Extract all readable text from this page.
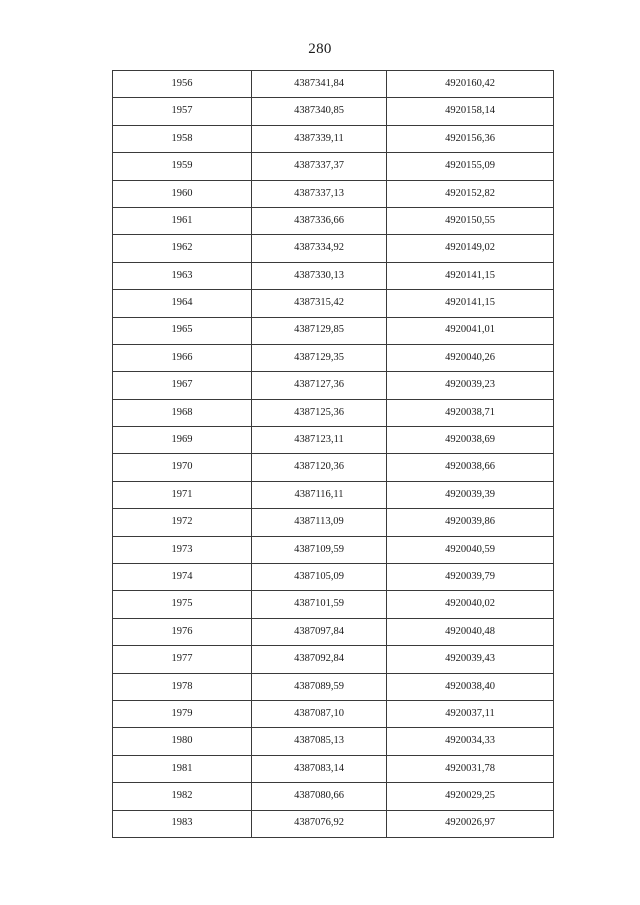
280
1956	4387341,84	4920160,42
1957	4387340,85	4920158,14
1958	4387339,11	4920156,36
1959	4387337,37	4920155,09
1960	4387337,13	4920152,82
1961	4387336,66	4920150,55
1962	4387334,92	4920149,02
1963	4387330,13	4920141,15
1964	4387315,42	4920141,15
1965	4387129,85	4920041,01
1966	4387129,35	4920040,26
1967	4387127,36	4920039,23
1968	4387125,36	4920038,71
1969	4387123,11	4920038,69
1970	4387120,36	4920038,66
1971	4387116,11	4920039,39
1972	4387113,09	4920039,86
1973	4387109,59	4920040,59
1974	4387105,09	4920039,79
1975	4387101,59	4920040,02
1976	4387097,84	4920040,48
1977	4387092,84	4920039,43
1978	4387089,59	4920038,40
1979	4387087,10	4920037,11
1980	4387085,13	4920034,33
1981	4387083,14	4920031,78
1982	4387080,66	4920029,25
1983	4387076,92	4920026,97
